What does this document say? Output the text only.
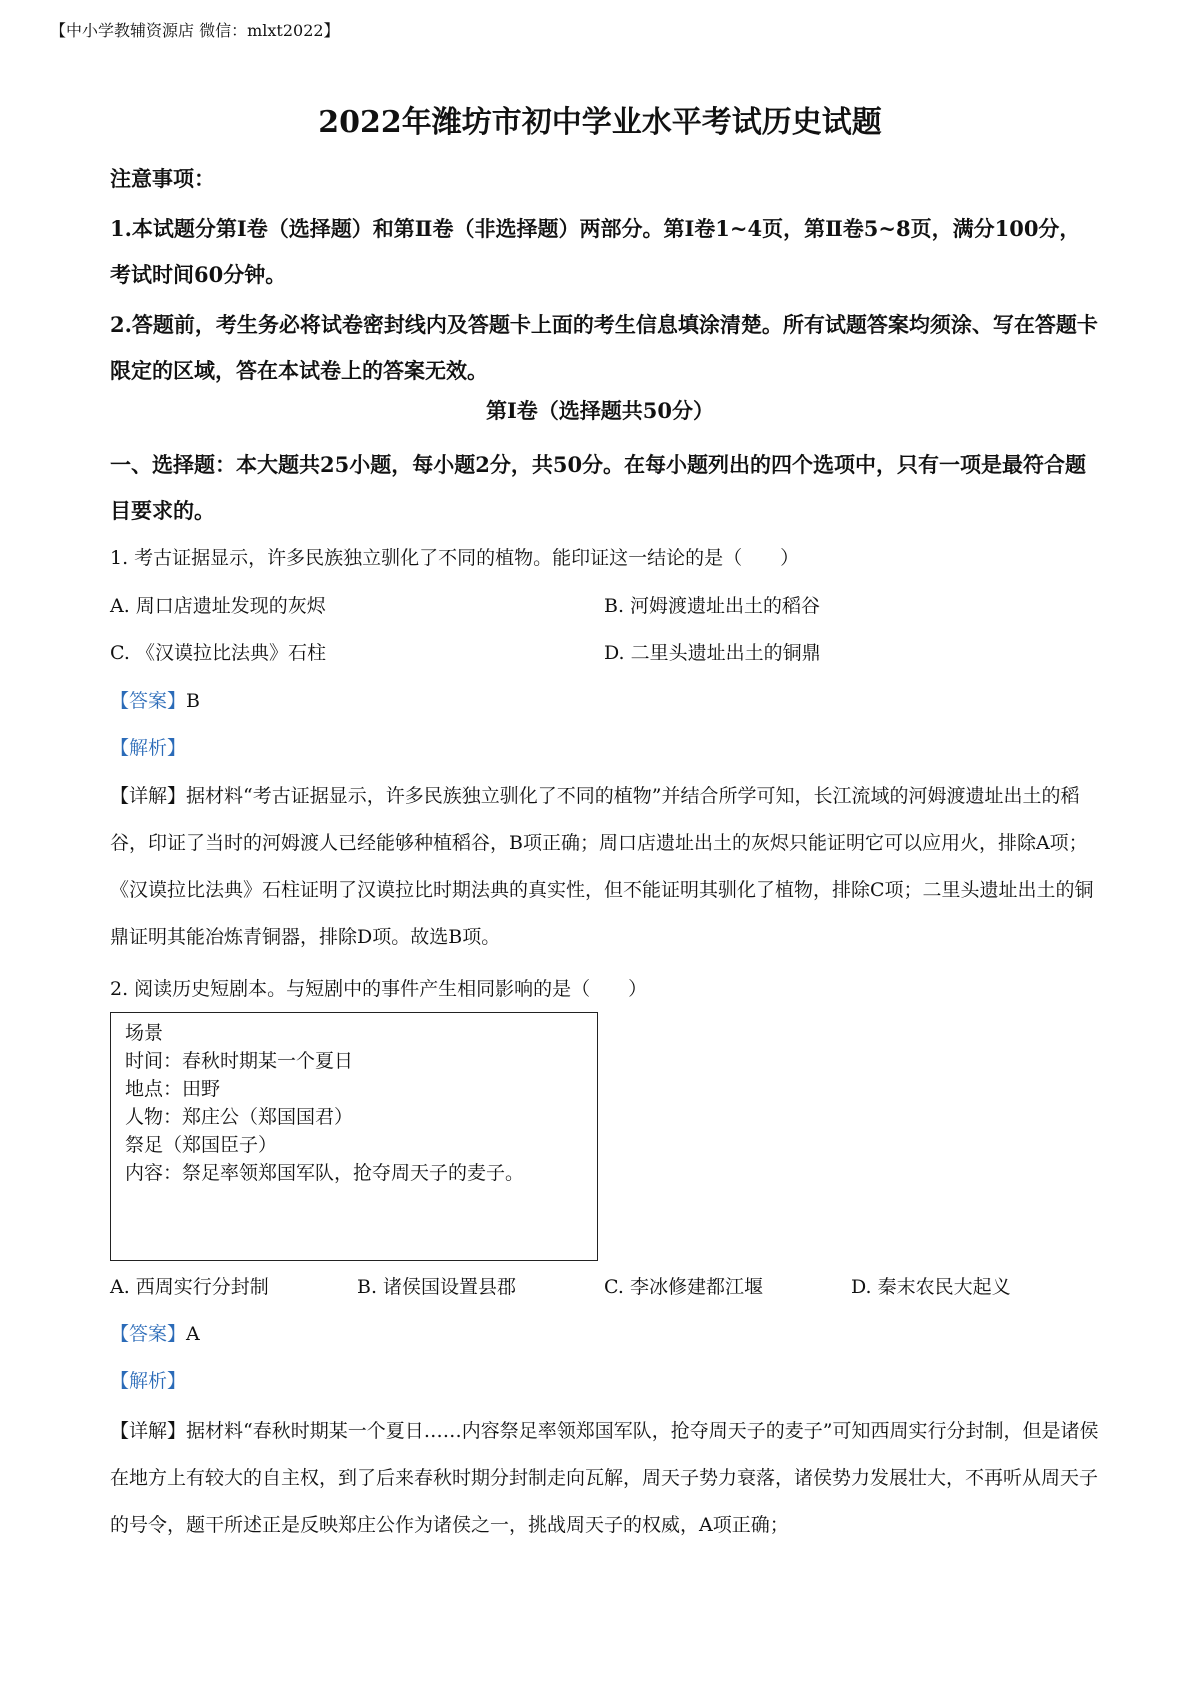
【中小学教辅资源店 微信：mlxt2022】
2022年潍坊市初中学业水平考试历史试题
注意事项：
1.本试题分第Ⅰ卷（选择题）和第Ⅱ卷（非选择题）两部分。第Ⅰ卷1~4页，第Ⅱ卷5~8页，满分100分，考试时间60分钟。
2.答题前，考生务必将试卷密封线内及答题卡上面的考生信息填涂清楚。所有试题答案均须涂、写在答题卡限定的区域，答在本试卷上的答案无效。
第Ⅰ卷（选择题共50分）
一、选择题：本大题共25小题，每小题2分，共50分。在每小题列出的四个选项中，只有一项是最符合题目要求的。
1. 考古证据显示，许多民族独立驯化了不同的植物。能印证这一结论的是（　　）
A. 周口店遗址发现的灰烬	B. 河姆渡遗址出土的稻谷
C. 《汉谟拉比法典》石柱	D. 二里头遗址出土的铜鼎
【答案】B
【解析】
【详解】据材料“考古证据显示，许多民族独立驯化了不同的植物”并结合所学可知，长江流域的河姆渡遗址出土的稻谷，印证了当时的河姆渡人已经能够种植稻谷，B项正确；周口店遗址出土的灰烬只能证明它可以应用火，排除A项；《汉谟拉比法典》石柱证明了汉谟拉比时期法典的真实性，但不能证明其驯化了植物，排除C项；二里头遗址出土的铜鼎证明其能冶炼青铜器，排除D项。故选B项。
2. 阅读历史短剧本。与短剧中的事件产生相同影响的是（　　）
场景
时间：春秋时期某一个夏日
地点：田野
人物：郑庄公（郑国国君）
祭足（郑国臣子）
内容：祭足率领郑国军队，抢夺周天子的麦子。
A. 西周实行分封制	B. 诸侯国设置县郡	C. 李冰修建都江堰	D. 秦末农民大起义
【答案】A
【解析】
【详解】据材料“春秋时期某一个夏日……内容祭足率领郑国军队，抢夺周天子的麦子”可知西周实行分封制，但是诸侯在地方上有较大的自主权，到了后来春秋时期分封制走向瓦解，周天子势力衰落，诸侯势力发展壮大，不再听从周天子的号令，题干所述正是反映郑庄公作为诸侯之一，挑战周天子的权威，A项正确；
